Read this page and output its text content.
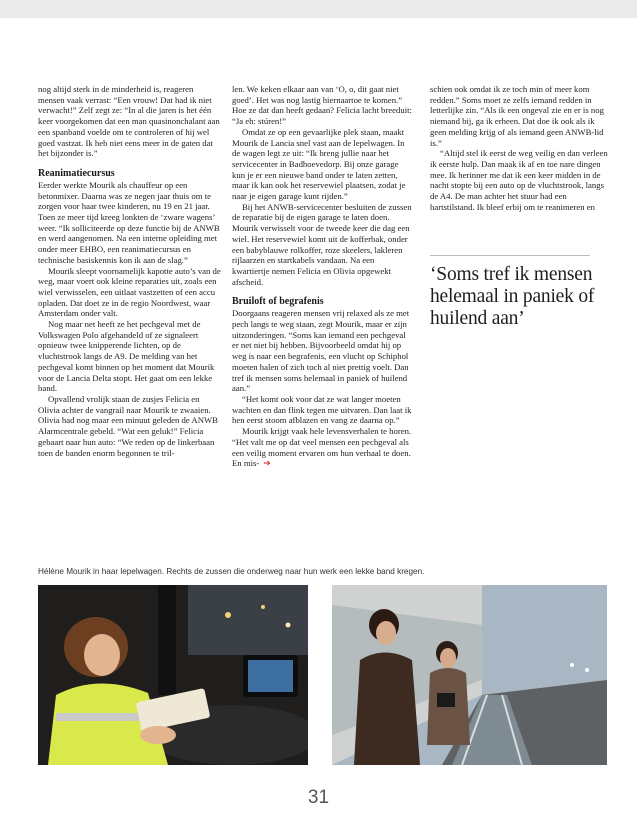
nog altijd sterk in de minderheid is, reageren mensen vaak verrast: “Een vrouw! Dat had ik niet verwacht!” Zelf zegt ze: “In al die jaren is het één keer voorgekomen dat een man quasinonchalant aan een spanband voelde om te controleren of hij wel goed vastzat. Ik heb niet eens meer in de gaten dat het bijzonder is.”

Reanimatiecursus

Eerder werkte Mourik als chauffeur op een betonmixer. Daarna was ze negen jaar thuis om te zorgen voor haar twee kinderen, nu 19 en 21 jaar. Toen ze meer tijd kreeg lonkten de ‘zware wagens’ weer. “Ik solliciteerde op deze functie bij de ANWB en werd aangenomen. Na een interne opleiding met onder meer EHBO, een reanimatiecursus en technische basiskennis kon ik aan de slag.”

Mourik sleept voornamelijk kapotte auto’s van de weg, maar voert ook kleine reparaties uit, zoals een wiel verwisselen, een uitlaat vastzetten of een accu opladen. Dat doet ze in de regio Noordwest, waar Amsterdam onder valt.

Nog maar net heeft ze het pechgeval met de Volkswagen Polo afgehandeld of ze signaleert opnieuw twee knipperende lichten, op de vluchtstrook langs de A9. De melding van het pechgeval komt binnen op het moment dat Mourik voor de Lancia Delta stopt. Het gaat om een lekke band.

Opvallend vrolijk staan de zusjes Felicia en Olivia achter de vangrail naar Mourik te zwaaien. Olivia had nog maar een minuut geleden de ANWB Alarmcentrale gebeld. “Wat een geluk!” Felicia gebaart naar hun auto: “We reden op de linkerbaan toen de banden enorm begonnen te tril-

len. We keken elkaar aan van ‘O, o, dit gaat niet goed’. Het was nog lastig hiernaartoe te komen.” Hoe ze dat dan heeft gedaan? Felicia lacht breeduit: “Ja eh: stúren!”

Omdat ze op een gevaarlijke plek staan, maakt Mourik de Lancia snel vast aan de lepelwagen. In de wagen legt ze uit: “Ik breng jullie naar het servicecenter in Badhoevedorp. Bij onze garage kun je er een nieuwe band onder te laten zetten, maar ik kan ook het reservewiel plaatsen, zodat je naar je eigen garage kunt rijden.”

Bij het ANWB-servicecenter besluiten de zussen de reparatie bij de eigen garage te laten doen. Mourik verwisselt voor de tweede keer die dag een wiel. Het reservewiel komt uit de kofferbak, onder een babyblauwe rolkoffer, roze skeelers, lakleren rijlaarzen en startkabels vandaan. Na een kwartiertje nemen Felicia en Olivia opgewekt afscheid.

Bruiloft of begrafenis

Doorgaans reageren mensen vrij relaxed als ze met pech langs te weg staan, zegt Mourik, maar er zijn uitzonderingen. “Soms kan iemand een pechgeval er net niet bij hebben. Bijvoorbeeld omdat hij op weg is naar een begrafenis, een vlucht op Schiphol moeten halen of zich toch al niet prettig voelt. Dan tref ik mensen soms helemaal in paniek of huilend aan.”

“Het komt ook voor dat ze wat langer moeten wachten en dan flink tegen me uitvaren. Dan laat ik hen eerst stoom afblazen en vang ze daarna op.”

Mourik krijgt vaak hele levensverhalen te horen. “Het valt me op dat veel mensen een pechgeval als een veilig moment ervaren om hun verhaal te doen. En mis- ➔

schien ook omdat ik ze toch min of meer kom redden.” Soms moet ze zelfs iemand redden in letterlijke zin. “Als ik een ongeval zie en er is nog niemand bij, ga ik erheen. Dat doe ik ook als ik geen melding krijg of als iemand geen ANWB-lid is.”

“Altijd stel ik eerst de weg veilig en dan verleen ik eerste hulp. Dan maak ik af en toe nare dingen mee. Ik herinner me dat ik een keer midden in de nacht stopte bij een auto op de vluchtstrook, langs de A4. De man achter het stuur had een hartstilstand. Ik bleef erbij om te reanimeren en

‘Soms tref ik mensen helemaal in paniek of huilend aan’
Hélène Mourik in haar lepelwagen. Rechts de zussen die onderweg naar hun werk een lekke band kregen.
31
